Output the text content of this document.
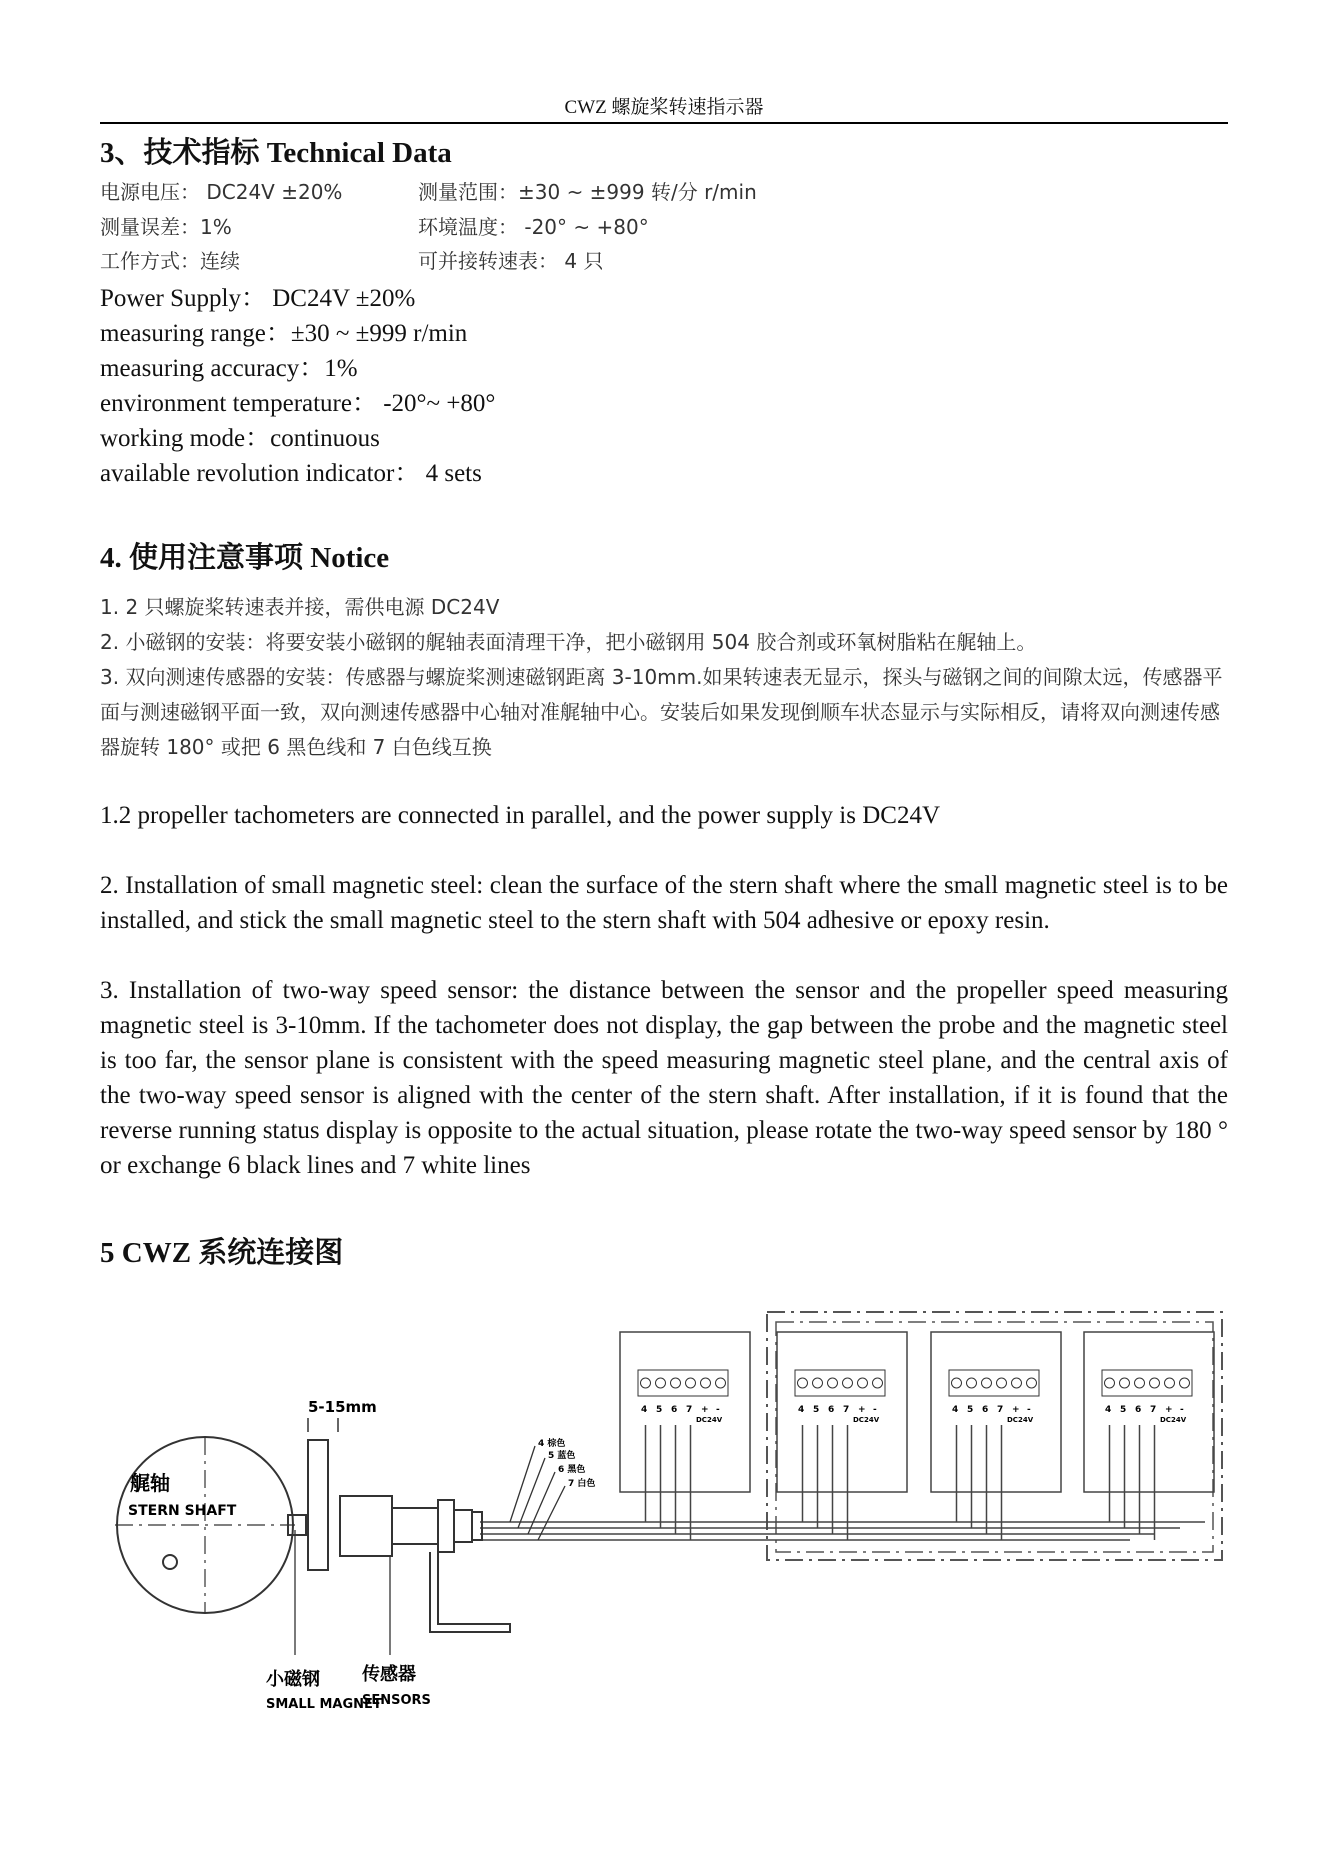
CWZ 螺旋桨转速指示器
3、技术指标 Technical Data
电源电压： DC24V ±20%	测量范围：±30 ~ ±999 转/分 r/min
测量误差：1%	环境温度： -20° ~ +80°
工作方式：连续	可并接转速表： 4 只
Power Supply： DC24V ±20%
measuring range：±30 ~ ±999 r/min
measuring accuracy：1%
environment temperature： -20°~ +80°
working mode：continuous
available revolution indicator： 4 sets
4. 使用注意事项 Notice
1. 2 只螺旋桨转速表并接，需供电源 DC24V
2. 小磁钢的安装：将要安装小磁钢的艉轴表面清理干净，把小磁钢用 504 胶合剂或环氧树脂粘在艉轴上。
3. 双向测速传感器的安装：传感器与螺旋桨测速磁钢距离 3-10mm.如果转速表无显示，探头与磁钢之间的间隙太远，传感器平面与测速磁钢平面一致，双向测速传感器中心轴对准艉轴中心。安装后如果发现倒顺车状态显示与实际相反，请将双向测速传感器旋转 180° 或把 6 黑色线和 7 白色线互换
1.2 propeller tachometers are connected in parallel, and the power supply is DC24V
2. Installation of small magnetic steel: clean the surface of the stern shaft where the small magnetic steel is to be installed, and stick the small magnetic steel to the stern shaft with 504 adhesive or epoxy resin.
3. Installation of two-way speed sensor: the distance between the sensor and the propeller speed measuring magnetic steel is 3-10mm. If the tachometer does not display, the gap between the probe and the magnetic steel is too far, the sensor plane is consistent with the speed measuring magnetic steel plane, and the central axis of the two-way speed sensor is aligned with the center of the stern shaft. After installation, if it is found that the reverse running status display is opposite to the actual situation, please rotate the two-way speed sensor by 180 ° or exchange 6 black lines and 7 white lines
5 CWZ 系统连接图
4 5 6 7 + -
DC24V
4 5 6 7 + -
DC24V
4 5 6 7 + -
DC24V
4 5 6 7 + -
DC24V
艉轴
STERN SHAFT
5-15mm
4 棕色
5 蓝色
6 黑色
7 白色
小磁钢
SMALL MAGNET
传感器
SENSORS
